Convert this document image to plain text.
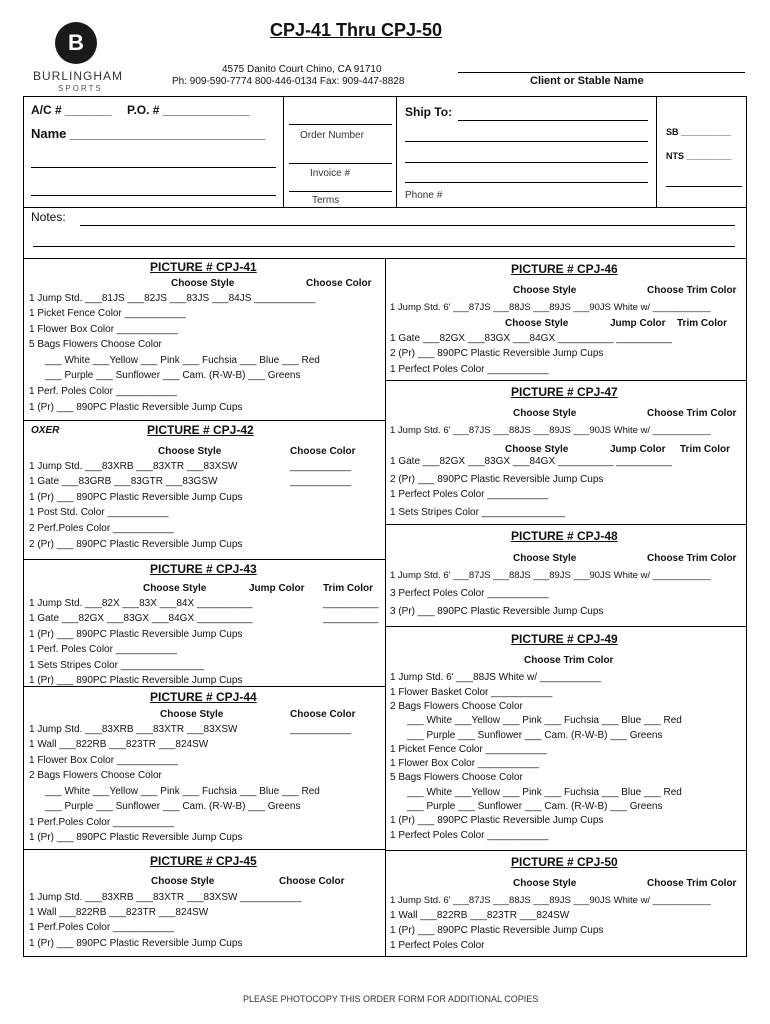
B
BURLINGHAM
SPORTS
CPJ-41 Thru CPJ-50
4575 Danito Court Chino, CA 91710
Ph: 909-590-7774 800-446-0134 Fax: 909-447-8828	Client or Stable Name
A/C # _______ P.O. # _____________
Name ___________________________	Order Number
Invoice #
Terms
Ship To:
Phone #
SB __________
NTS _________
Notes:
PICTURE # CPJ-41
Choose Style	Choose Color
1 Jump Std. ___81JS ___82JS ___83JS ___84JS ___________
1 Picket Fence Color ___________
1 Flower Box Color ___________
5 Bags Flowers Choose Color
___ White ___Yellow ___ Pink ___ Fuchsia ___ Blue ___ Red
___ Purple ___ Sunflower ___ Cam. (R-W-B) ___ Greens
1 Perf. Poles Color ___________
1 (Pr) ___ 890PC Plastic Reversible Jump Cups
OXER	PICTURE # CPJ-42
Choose Style	Choose Color
1 Jump Std. ___83XRB ___83XTR ___83XSW	___________
1 Gate ___83GRB ___83GTR ___83GSW	___________
1 (Pr) ___ 890PC Plastic Reversible Jump Cups
1 Post Std. Color ___________
2 Perf.Poles Color ___________
2 (Pr) ___ 890PC Plastic Reversible Jump Cups
PICTURE # CPJ-43
Choose Style	Jump Color Trim Color
1 Jump Std. ___82X ___83X ___84X __________	__________
1 Gate ___82GX ___83GX ___84GX __________	__________
1 (Pr) ___ 890PC Plastic Reversible Jump Cups
1 Perf. Poles Color ___________
1 Sets Stripes Color _______________
1 (Pr) ___ 890PC Plastic Reversible Jump Cups
PICTURE # CPJ-44
Choose Style	Choose Color
1 Jump Std. ___83XRB ___83XTR ___83XSW	___________
1 Wall ___822RB ___823TR ___824SW
1 Flower Box Color ___________
2 Bags Flowers Choose Color
___ White ___Yellow ___ Pink ___ Fuchsia ___ Blue ___ Red
___ Purple ___ Sunflower ___ Cam. (R-W-B) ___ Greens
1 Perf.Poles Color ___________
1 (Pr) ___ 890PC Plastic Reversible Jump Cups
PICTURE # CPJ-45
Choose Style	Choose Color
1 Jump Std. ___83XRB ___83XTR ___83XSW ___________
1 Wall ___822RB ___823TR ___824SW
1 Perf.Poles Color ___________
1 (Pr) ___ 890PC Plastic Reversible Jump Cups
PICTURE # CPJ-46
Choose Style	Choose Trim Color
1 Jump Std. 6' ___87JS ___88JS ___89JS ___90JS White w/ ___________
Choose Style	Jump Color Trim Color
1 Gate ___82GX ___83GX ___84GX __________ __________
2 (Pr) ___ 890PC Plastic Reversible Jump Cups
1 Perfect Poles Color ___________
PICTURE # CPJ-47
Choose Style	Choose Trim Color
1 Jump Std. 6' ___87JS ___88JS ___89JS ___90JS White w/ ___________
Choose Style	Jump Color Trim Color
1 Gate ___82GX ___83GX ___84GX __________ __________
2 (Pr) ___ 890PC Plastic Reversible Jump Cups
1 Perfect Poles Color ___________
1 Sets Stripes Color _______________
PICTURE # CPJ-48
Choose Style	Choose Trim Color
1 Jump Std. 6' ___87JS ___88JS ___89JS ___90JS White w/ ___________
3 Perfect Poles Color ___________
3 (Pr) ___ 890PC Plastic Reversible Jump Cups
PICTURE # CPJ-49
Choose Trim Color
1 Jump Std. 6' ___88JS White w/ ___________
1 Flower Basket Color ___________
2 Bags Flowers Choose Color
___ White ___Yellow ___ Pink ___ Fuchsia ___ Blue ___ Red
___ Purple ___ Sunflower ___ Cam. (R-W-B) ___ Greens
1 Picket Fence Color ___________
1 Flower Box Color ___________
5 Bags Flowers Choose Color
___ White ___Yellow ___ Pink ___ Fuchsia ___ Blue ___ Red
___ Purple ___ Sunflower ___ Cam. (R-W-B) ___ Greens
1 (Pr) ___ 890PC Plastic Reversible Jump Cups
1 Perfect Poles Color ___________
PICTURE # CPJ-50
Choose Style	Choose Trim Color
1 Jump Std. 6' ___87JS ___88JS ___89JS ___90JS White w/ ___________
1 Wall ___822RB ___823TR ___824SW
1 (Pr) ___ 890PC Plastic Reversible Jump Cups
1 Perfect Poles Color
PLEASE PHOTOCOPY THIS ORDER FORM FOR ADDITIONAL COPIES
